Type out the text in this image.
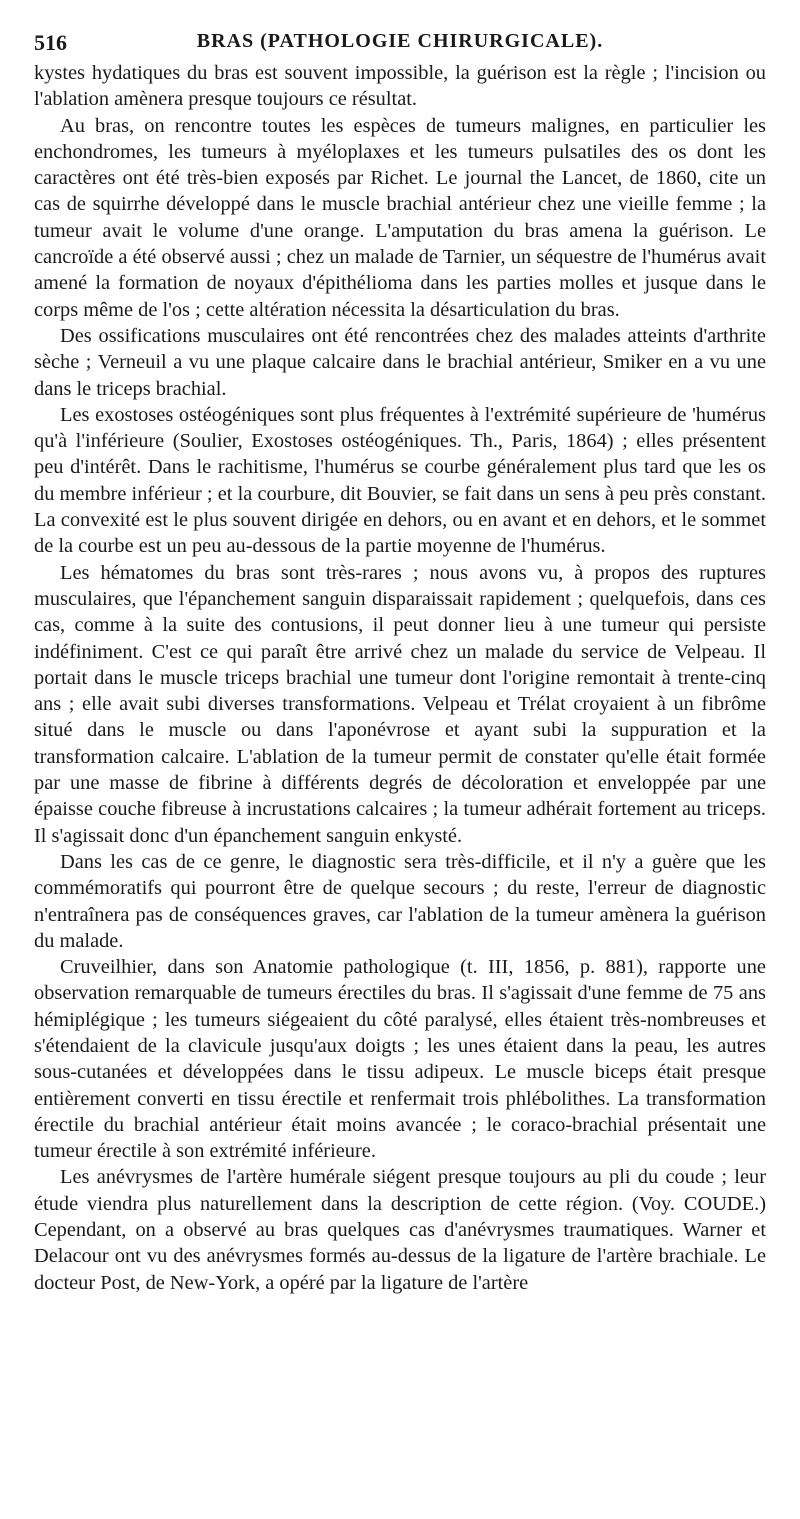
516	BRAS (PATHOLOGIE CHIRURGICALE).

kystes hydatiques du bras est souvent impossible, la guérison est la règle ; l'incision ou l'ablation amènera presque toujours ce résultat.

Au bras, on rencontre toutes les espèces de tumeurs malignes, en particulier les enchondromes, les tumeurs à myéloplaxes et les tumeurs pulsatiles des os dont les caractères ont été très-bien exposés par Richet. Le journal the Lancet, de 1860, cite un cas de squirrhe développé dans le muscle brachial antérieur chez une vieille femme ; la tumeur avait le volume d'une orange. L'amputation du bras amena la guérison. Le cancroïde a été observé aussi ; chez un malade de Tarnier, un séquestre de l'humérus avait amené la formation de noyaux d'épithélioma dans les parties molles et jusque dans le corps même de l'os ; cette altération nécessita la désarticulation du bras.

Des ossifications musculaires ont été rencontrées chez des malades atteints d'arthrite sèche ; Verneuil a vu une plaque calcaire dans le brachial antérieur, Smiker en a vu une dans le triceps brachial.

Les exostoses ostéogéniques sont plus fréquentes à l'extrémité supérieure de 'humérus qu'à l'inférieure (Soulier, Exostoses ostéogéniques. Th., Paris, 1864) ; elles présentent peu d'intérêt. Dans le rachitisme, l'humérus se courbe généralement plus tard que les os du membre inférieur ; et la courbure, dit Bouvier, se fait dans un sens à peu près constant. La convexité est le plus souvent dirigée en dehors, ou en avant et en dehors, et le sommet de la courbe est un peu au-dessous de la partie moyenne de l'humérus.

Les hématomes du bras sont très-rares ; nous avons vu, à propos des ruptures musculaires, que l'épanchement sanguin disparaissait rapidement ; quelquefois, dans ces cas, comme à la suite des contusions, il peut donner lieu à une tumeur qui persiste indéfiniment. C'est ce qui paraît être arrivé chez un malade du service de Velpeau. Il portait dans le muscle triceps brachial une tumeur dont l'origine remontait à trente-cinq ans ; elle avait subi diverses transformations. Velpeau et Trélat croyaient à un fibrôme situé dans le muscle ou dans l'aponévrose et ayant subi la suppuration et la transformation calcaire. L'ablation de la tumeur permit de constater qu'elle était formée par une masse de fibrine à différents degrés de décoloration et enveloppée par une épaisse couche fibreuse à incrustations calcaires ; la tumeur adhérait fortement au triceps. Il s'agissait donc d'un épanchement sanguin enkysté.

Dans les cas de ce genre, le diagnostic sera très-difficile, et il n'y a guère que les commémoratifs qui pourront être de quelque secours ; du reste, l'erreur de diagnostic n'entraînera pas de conséquences graves, car l'ablation de la tumeur amènera la guérison du malade.

Cruveilhier, dans son Anatomie pathologique (t. III, 1856, p. 881), rapporte une observation remarquable de tumeurs érectiles du bras. Il s'agissait d'une femme de 75 ans hémiplégique ; les tumeurs siégeaient du côté paralysé, elles étaient très-nombreuses et s'étendaient de la clavicule jusqu'aux doigts ; les unes étaient dans la peau, les autres sous-cutanées et développées dans le tissu adipeux. Le muscle biceps était presque entièrement converti en tissu érectile et renfermait trois phlébolithes. La transformation érectile du brachial antérieur était moins avancée ; le coraco-brachial présentait une tumeur érectile à son extrémité inférieure.

Les anévrysmes de l'artère humérale siégent presque toujours au pli du coude ; leur étude viendra plus naturellement dans la description de cette région. (Voy. COUDE.) Cependant, on a observé au bras quelques cas d'anévrysmes traumatiques. Warner et Delacour ont vu des anévrysmes formés au-dessus de la ligature de l'artère brachiale. Le docteur Post, de New-York, a opéré par la ligature de l'artère
